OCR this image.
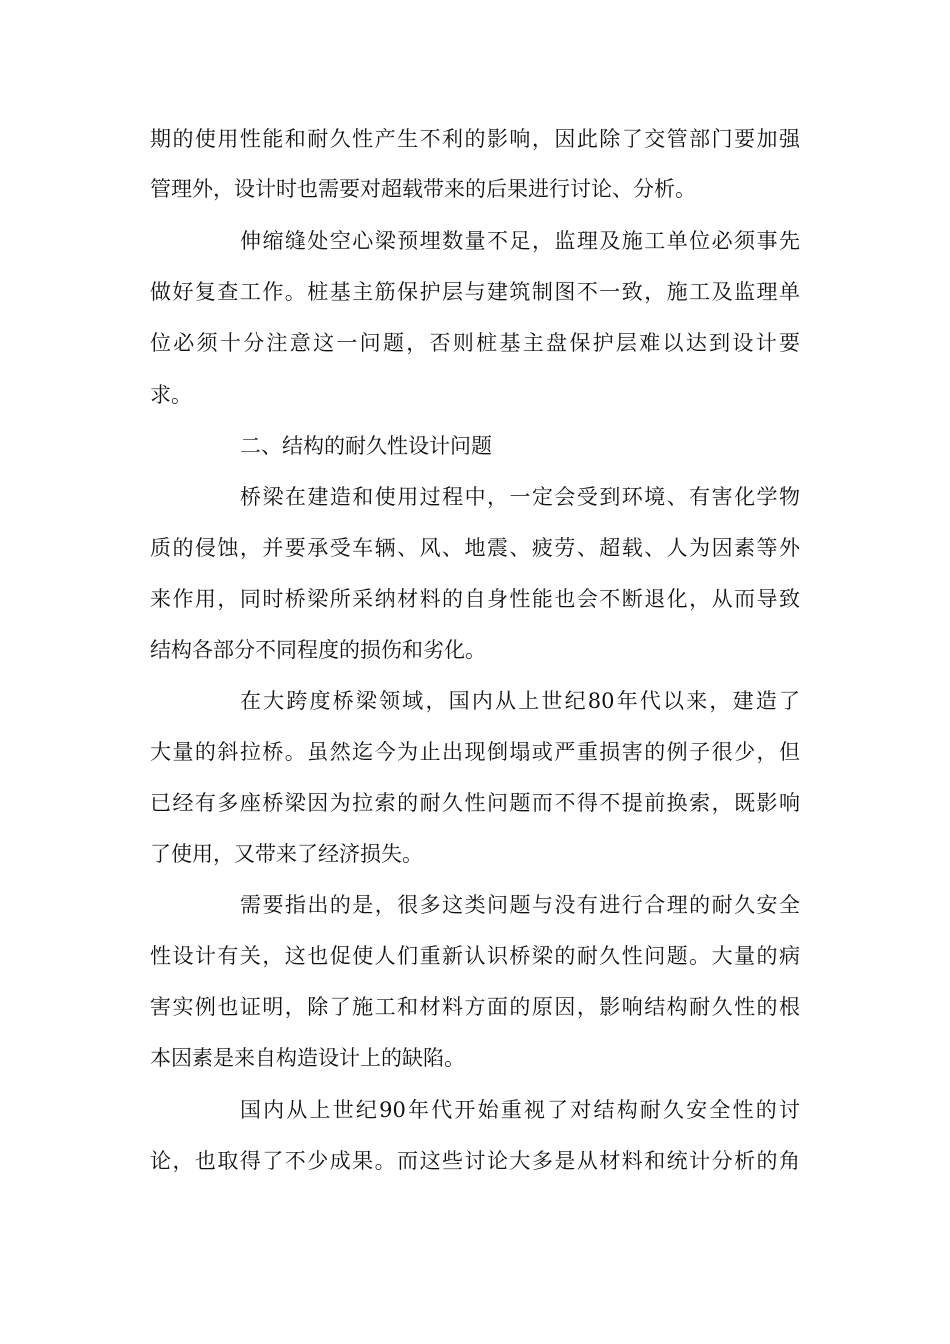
期的使用性能和耐久性产生不利的影响，因此除了交管部门要加强
管理外，设计时也需要对超载带来的后果进行讨论、分析。
伸缩缝处空心梁预埋数量不足，监理及施工单位必须事先
做好复查工作。桩基主筋保护层与建筑制图不一致，施工及监理单
位必须十分注意这一问题，否则桩基主盘保护层难以达到设计要
求。
二、结构的耐久性设计问题
桥梁在建造和使用过程中，一定会受到环境、有害化学物
质的侵蚀，并要承受车辆、风、地震、疲劳、超载、人为因素等外
来作用，同时桥梁所采纳材料的自身性能也会不断退化，从而导致
结构各部分不同程度的损伤和劣化。
在大跨度桥梁领域，国内从上世纪80年代以来，建造了
大量的斜拉桥。虽然迄今为止出现倒塌或严重损害的例子很少，但
已经有多座桥梁因为拉索的耐久性问题而不得不提前换索，既影响
了使用，又带来了经济损失。
需要指出的是，很多这类问题与没有进行合理的耐久安全
性设计有关，这也促使人们重新认识桥梁的耐久性问题。大量的病
害实例也证明，除了施工和材料方面的原因，影响结构耐久性的根
本因素是来自构造设计上的缺陷。
国内从上世纪90年代开始重视了对结构耐久安全性的讨
论，也取得了不少成果。而这些讨论大多是从材料和统计分析的角
